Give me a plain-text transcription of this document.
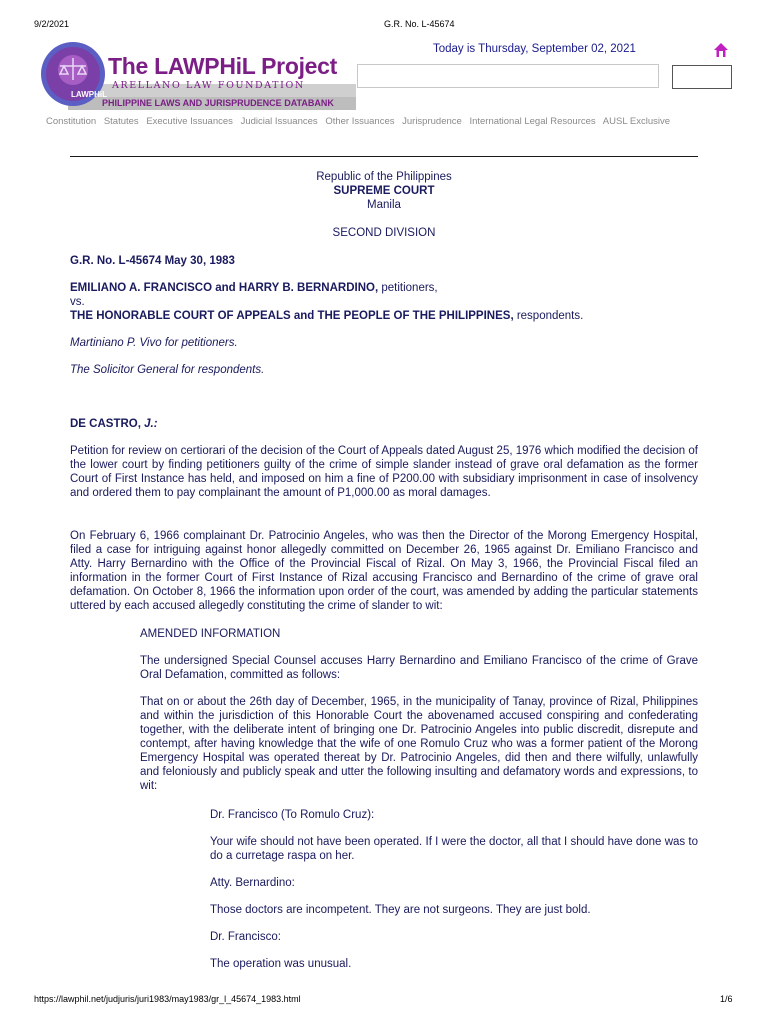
9/2/2021	G.R. No. L-45674
LAWPHiL
The LAWPHiL Project
ARELLANO LAW FOUNDATION
PHILIPPINE LAWS AND JURISPRUDENCE DATABANK
Today is Thursday, September 02, 2021
Constitution Statutes Executive Issuances Judicial Issuances Other Issuances Jurisprudence International Legal Resources AUSL Exclusive
Republic of the Philippines
SUPREME COURT
Manila
SECOND DIVISION
G.R. No. L-45674 May 30, 1983
EMILIANO A. FRANCISCO and HARRY B. BERNARDINO, petitioners,
vs.
THE HONORABLE COURT OF APPEALS and THE PEOPLE OF THE PHILIPPINES, respondents.
Martiniano P. Vivo for petitioners.
The Solicitor General for respondents.
DE CASTRO, J.:
Petition for review on certiorari of the decision of the Court of Appeals dated August 25, 1976 which modified the decision of the lower court by finding petitioners guilty of the crime of simple slander instead of grave oral defamation as the former Court of First Instance has held, and imposed on him a fine of P200.00 with subsidiary imprisonment in case of insolvency and ordered them to pay complainant the amount of P1,000.00 as moral damages.
On February 6, 1966 complainant Dr. Patrocinio Angeles, who was then the Director of the Morong Emergency Hospital, filed a case for intriguing against honor allegedly committed on December 26, 1965 against Dr. Emiliano Francisco and Atty. Harry Bernardino with the Office of the Provincial Fiscal of Rizal. On May 3, 1966, the Provincial Fiscal filed an information in the former Court of First Instance of Rizal accusing Francisco and Bernardino of the crime of grave oral defamation. On October 8, 1966 the information upon order of the court, was amended by adding the particular statements uttered by each accused allegedly constituting the crime of slander to wit:
AMENDED INFORMATION
The undersigned Special Counsel accuses Harry Bernardino and Emiliano Francisco of the crime of Grave Oral Defamation, committed as follows:
That on or about the 26th day of December, 1965, in the municipality of Tanay, province of Rizal, Philippines and within the jurisdiction of this Honorable Court the abovenamed accused conspiring and confederating together, with the deliberate intent of bringing one Dr. Patrocinio Angeles into public discredit, disrepute and contempt, after having knowledge that the wife of one Romulo Cruz who was a former patient of the Morong Emergency Hospital was operated thereat by Dr. Patrocinio Angeles, did then and there wilfully, unlawfully and feloniously and publicly speak and utter the following insulting and defamatory words and expressions, to wit:
Dr. Francisco (To Romulo Cruz):
Your wife should not have been operated. If I were the doctor, all that I should have done was to do a curretage raspa on her.
Atty. Bernardino:
Those doctors are incompetent. They are not surgeons. They are just bold.
Dr. Francisco:
The operation was unusual.
https://lawphil.net/judjuris/juri1983/may1983/gr_l_45674_1983.html	1/6
